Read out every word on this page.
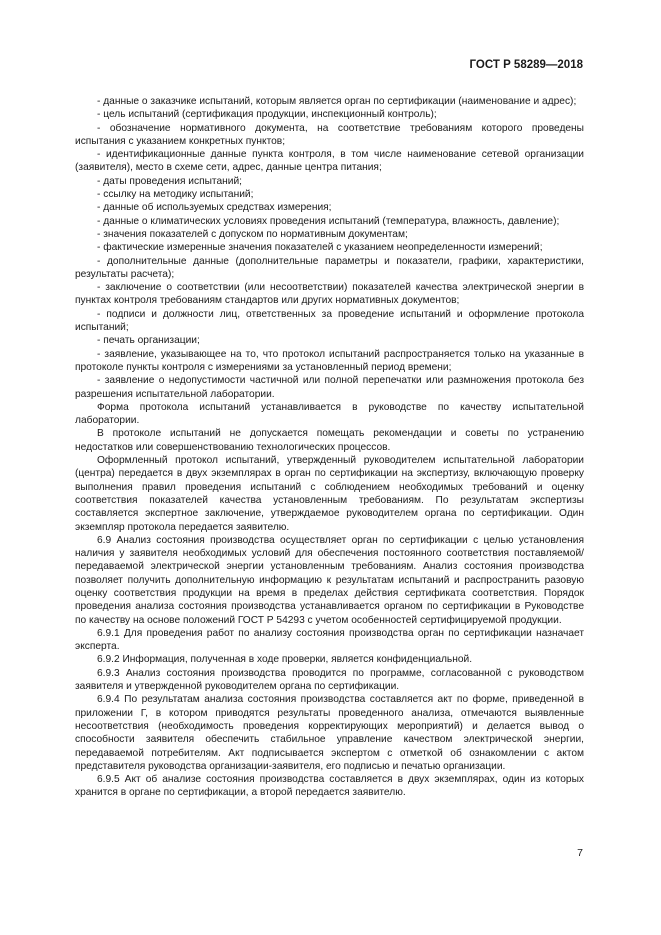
ГОСТ Р 58289—2018

- данные о заказчике испытаний, которым является орган по сертификации (наименование и адрес);

- цель испытаний (сертификация продукции, инспекционный контроль);

- обозначение нормативного документа, на соответствие требованиям которого проведены испытания с указанием конкретных пунктов;

- идентификационные данные пункта контроля, в том числе наименование сетевой организации (заявителя), место в схеме сети, адрес, данные центра питания;

- даты проведения испытаний;

- ссылку на методику испытаний;

- данные об используемых средствах измерения;

- данные о климатических условиях проведения испытаний (температура, влажность, давление);

- значения показателей с допуском по нормативным документам;

- фактические измеренные значения показателей с указанием неопределенности измерений;

- дополнительные данные (дополнительные параметры и показатели, графики, характеристики, результаты расчета);

- заключение о соответствии (или несоответствии) показателей качества электрической энергии в пунктах контроля требованиям стандартов или других нормативных документов;

- подписи и должности лиц, ответственных за проведение испытаний и оформление протокола испытаний;

- печать организации;

- заявление, указывающее на то, что протокол испытаний распространяется только на указанные в протоколе пункты контроля с измерениями за установленный период времени;

- заявление о недопустимости частичной или полной перепечатки или размножения протокола без разрешения испытательной лаборатории.

Форма протокола испытаний устанавливается в руководстве по качеству испытательной лаборатории.

В протоколе испытаний не допускается помещать рекомендации и советы по устранению недостатков или совершенствованию технологических процессов.

Оформленный протокол испытаний, утвержденный руководителем испытательной лаборатории (центра) передается в двух экземплярах в орган по сертификации на экспертизу, включающую проверку выполнения правил проведения испытаний с соблюдением необходимых требований и оценку соответствия показателей качества установленным требованиям. По результатам экспертизы составляется экспертное заключение, утверждаемое руководителем органа по сертификации. Один экземпляр протокола передается заявителю.

6.9 Анализ состояния производства осуществляет орган по сертификации с целью установления наличия у заявителя необходимых условий для обеспечения постоянного соответствия поставляемой/передаваемой электрической энергии установленным требованиям. Анализ состояния производства позволяет получить дополнительную информацию к результатам испытаний и распространить разовую оценку соответствия продукции на время в пределах действия сертификата соответствия. Порядок проведения анализа состояния производства устанавливается органом по сертификации в Руководстве по качеству на основе положений ГОСТ Р 54293 с учетом особенностей сертифицируемой продукции.

6.9.1 Для проведения работ по анализу состояния производства орган по сертификации назначает эксперта.

6.9.2 Информация, полученная в ходе проверки, является конфиденциальной.

6.9.3 Анализ состояния производства проводится по программе, согласованной с руководством заявителя и утвержденной руководителем органа по сертификации.

6.9.4 По результатам анализа состояния производства составляется акт по форме, приведенной в приложении Г, в котором приводятся результаты проведенного анализа, отмечаются выявленные несоответствия (необходимость проведения корректирующих мероприятий) и делается вывод о способности заявителя обеспечить стабильное управление качеством электрической энергии, передаваемой потребителям. Акт подписывается экспертом с отметкой об ознакомлении с актом представителя руководства организации-заявителя, его подписью и печатью организации.

6.9.5 Акт об анализе состояния производства составляется в двух экземплярах, один из которых хранится в органе по сертификации, а второй передается заявителю.

7
